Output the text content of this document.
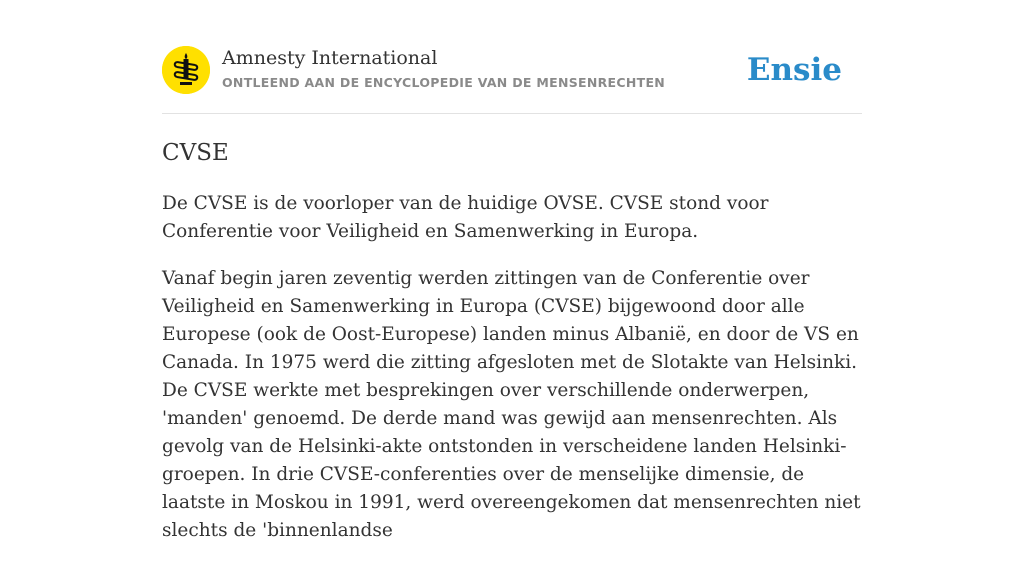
Amnesty International
ONTLEEND AAN DE ENCYCLOPEDIE VAN DE MENSENRECHTEN	Ensie
CVSE

De CVSE is de voorloper van de huidige OVSE. CVSE stond voor Conferentie voor Veiligheid en Samenwerking in Europa.

Vanaf begin jaren zeventig werden zittingen van de Conferentie over Veiligheid en Samenwerking in Europa (CVSE) bijgewoond door alle Europese (ook de Oost-Europese) landen minus Albanië, en door de VS en Canada. In 1975 werd die zitting afgesloten met de Slotakte van Helsinki. De CVSE werkte met besprekingen over verschillende onderwerpen, 'manden' genoemd. De derde mand was gewijd aan mensenrechten. Als gevolg van de Helsinki-akte ontstonden in verscheidene landen Helsinki-groepen. In drie CVSE-conferenties over de menselijke dimensie, de laatste in Moskou in 1991, werd overeengekomen dat mensenrechten niet slechts de 'binnenlandse
